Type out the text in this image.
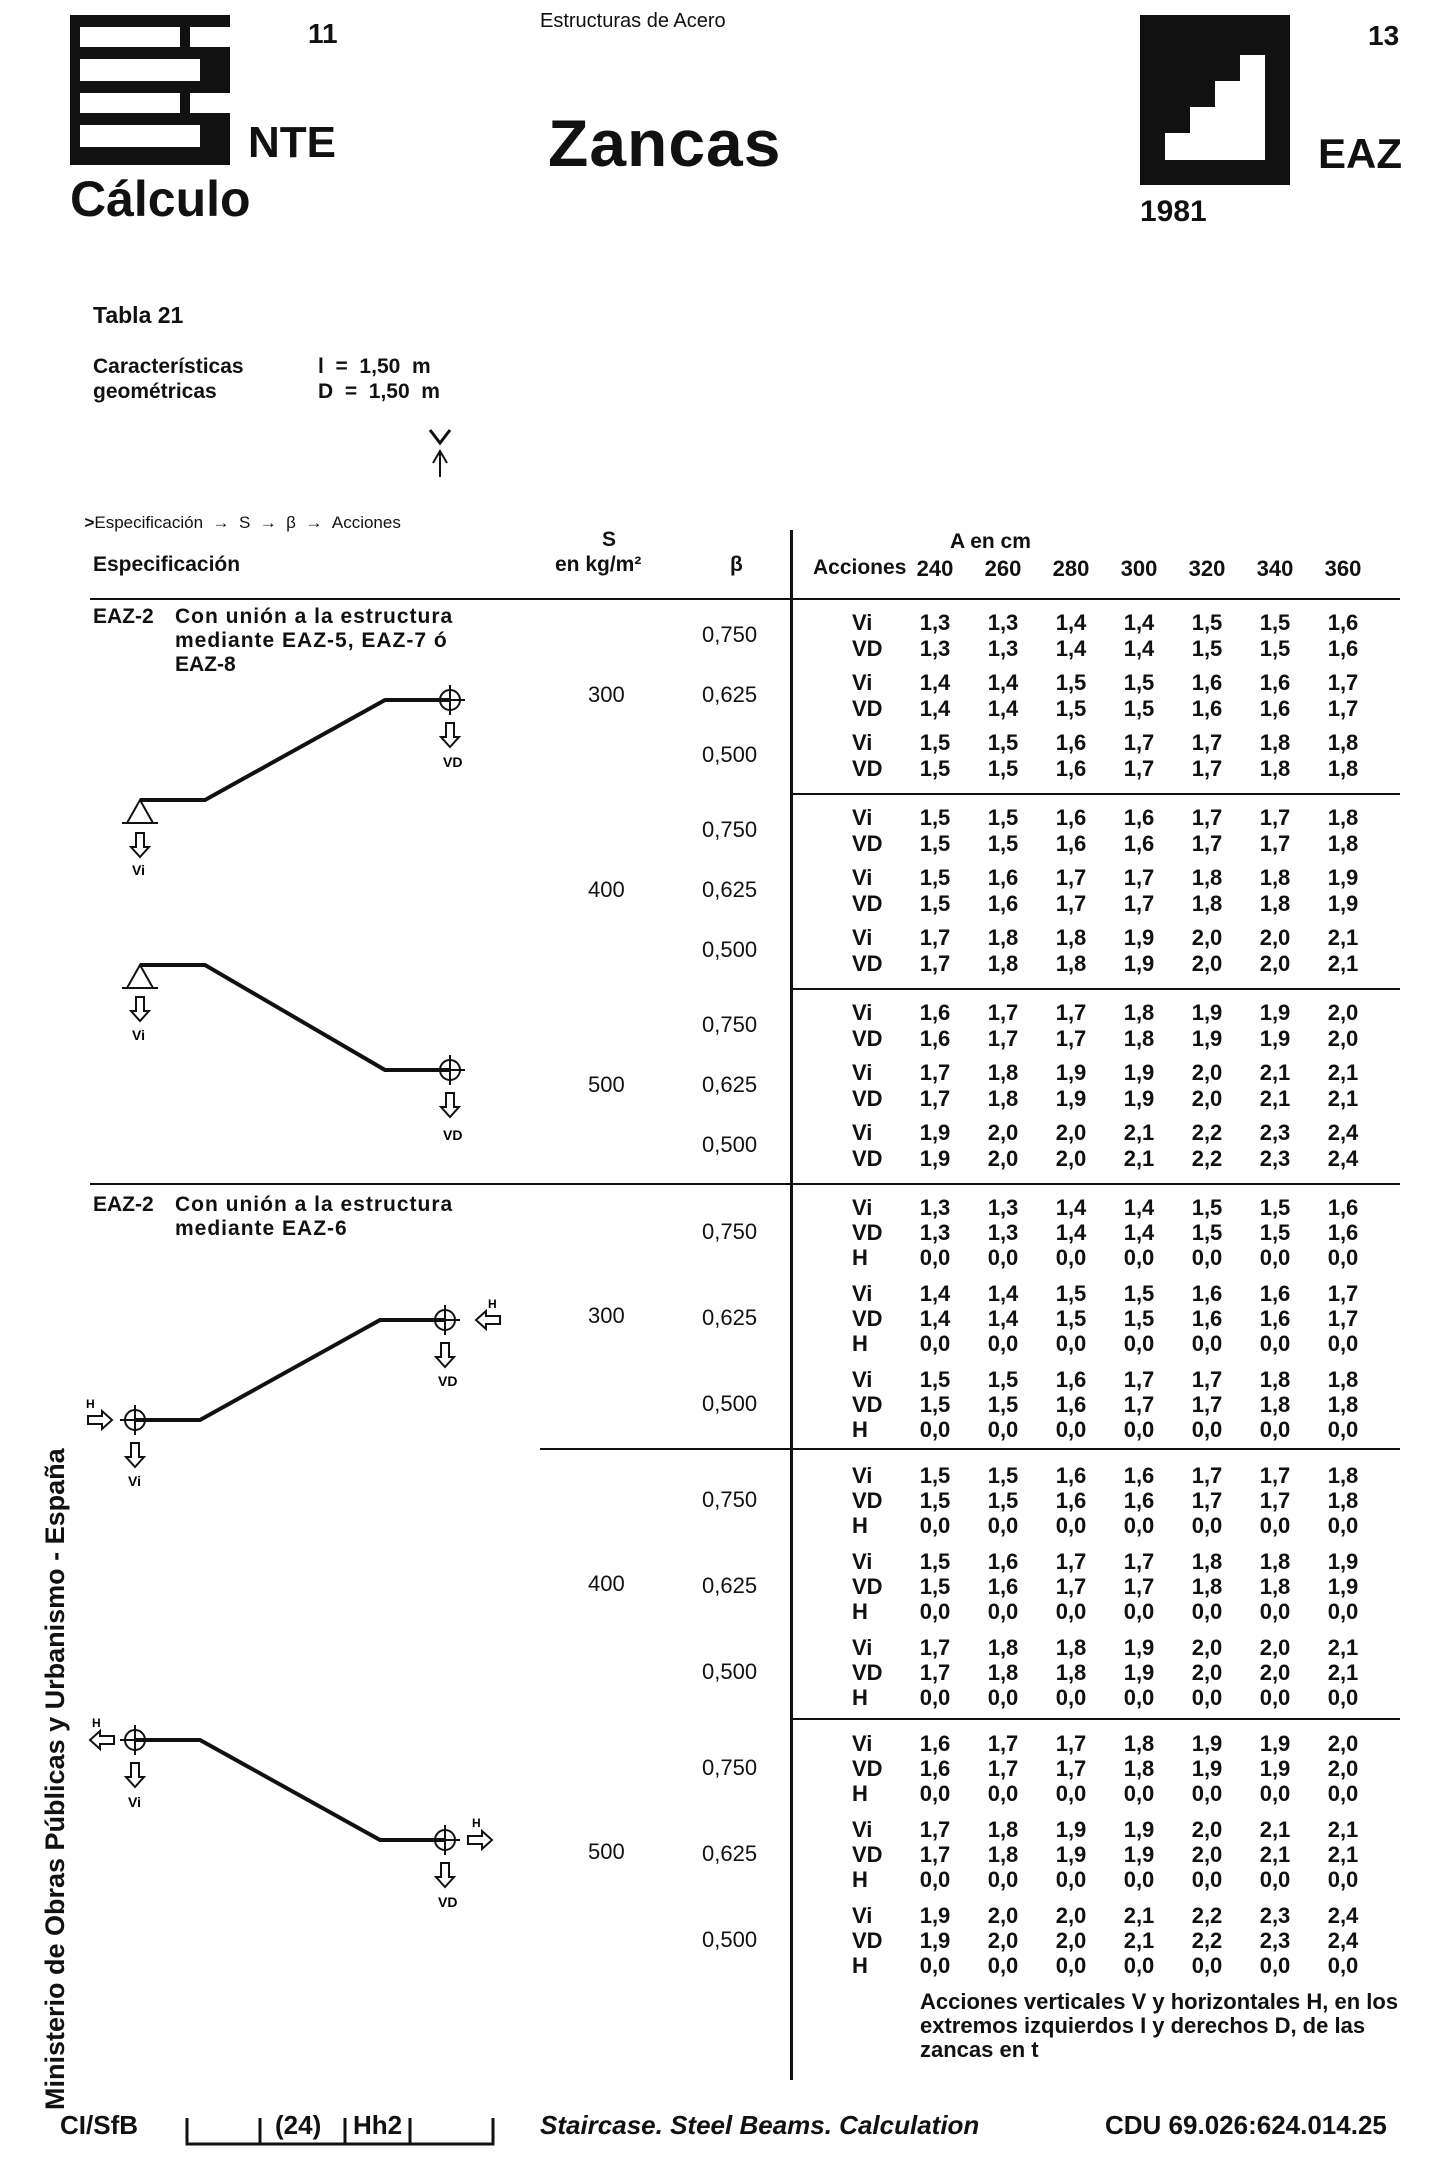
11
NTE
Cálculo
Estructuras de Acero
Zancas
13
EAZ
1981
Tabla 21
Características
geométricas
l  =  1,50  m
D  =  1,50  m

>Especificación  →  S  →  β  →  Acciones

Especificación
S
en kg/m²	β	Acciones
A en cm
240	260	280	300	320	340	360
EAZ-2 Con unión a la estructura
mediante EAZ-5, EAZ-7 ó
EAZ-8
EAZ-2 Con unión a la estructura
mediante EAZ-6
Vi
VD
Vi
VD
Vi
VD
H
H
Vi
VD
H
H
300
0,750	Vi	1,3	1,3	1,4	1,4	1,5	1,5	1,6
VD	1,3	1,3	1,4	1,4	1,5	1,5	1,6
0,625	Vi	1,4	1,4	1,5	1,5	1,6	1,6	1,7
VD	1,4	1,4	1,5	1,5	1,6	1,6	1,7
0,500	Vi	1,5	1,5	1,6	1,7	1,7	1,8	1,8
VD	1,5	1,5	1,6	1,7	1,7	1,8	1,8
400
0,750	Vi	1,5	1,5	1,6	1,6	1,7	1,7	1,8
VD	1,5	1,5	1,6	1,6	1,7	1,7	1,8
0,625	Vi	1,5	1,6	1,7	1,7	1,8	1,8	1,9
VD	1,5	1,6	1,7	1,7	1,8	1,8	1,9
0,500	Vi	1,7	1,8	1,8	1,9	2,0	2,0	2,1
VD	1,7	1,8	1,8	1,9	2,0	2,0	2,1
500
0,750	Vi	1,6	1,7	1,7	1,8	1,9	1,9	2,0
VD	1,6	1,7	1,7	1,8	1,9	1,9	2,0
0,625	Vi	1,7	1,8	1,9	1,9	2,0	2,1	2,1
VD	1,7	1,8	1,9	1,9	2,0	2,1	2,1
0,500	Vi	1,9	2,0	2,0	2,1	2,2	2,3	2,4
VD	1,9	2,0	2,0	2,1	2,2	2,3	2,4
300
0,750
Vi	1,3	1,3	1,4	1,4	1,5	1,5	1,6
VD	1,3	1,3	1,4	1,4	1,5	1,5	1,6
H	0,0	0,0	0,0	0,0	0,0	0,0	0,0
0,625
Vi	1,4	1,4	1,5	1,5	1,6	1,6	1,7
VD	1,4	1,4	1,5	1,5	1,6	1,6	1,7
H	0,0	0,0	0,0	0,0	0,0	0,0	0,0
0,500
Vi	1,5	1,5	1,6	1,7	1,7	1,8	1,8
VD	1,5	1,5	1,6	1,7	1,7	1,8	1,8
H	0,0	0,0	0,0	0,0	0,0	0,0	0,0
400
0,750
Vi	1,5	1,5	1,6	1,6	1,7	1,7	1,8
VD	1,5	1,5	1,6	1,6	1,7	1,7	1,8
H	0,0	0,0	0,0	0,0	0,0	0,0	0,0
0,625
Vi	1,5	1,6	1,7	1,7	1,8	1,8	1,9
VD	1,5	1,6	1,7	1,7	1,8	1,8	1,9
H	0,0	0,0	0,0	0,0	0,0	0,0	0,0
0,500
Vi	1,7	1,8	1,8	1,9	2,0	2,0	2,1
VD	1,7	1,8	1,8	1,9	2,0	2,0	2,1
H	0,0	0,0	0,0	0,0	0,0	0,0	0,0
500
0,750
Vi	1,6	1,7	1,7	1,8	1,9	1,9	2,0
VD	1,6	1,7	1,7	1,8	1,9	1,9	2,0
H	0,0	0,0	0,0	0,0	0,0	0,0	0,0
0,625
Vi	1,7	1,8	1,9	1,9	2,0	2,1	2,1
VD	1,7	1,8	1,9	1,9	2,0	2,1	2,1
H	0,0	0,0	0,0	0,0	0,0	0,0	0,0
0,500
Vi	1,9	2,0	2,0	2,1	2,2	2,3	2,4
VD	1,9	2,0	2,0	2,1	2,2	2,3	2,4
H	0,0	0,0	0,0	0,0	0,0	0,0	0,0
Acciones verticales V y horizontales H, en los extremos izquierdos I y derechos D, de las zancas en t
Ministerio de Obras Públicas y Urbanismo - España
CI/SfB	(24) Hh2	Staircase. Steel Beams. Calculation	CDU 69.026:624.014.25
